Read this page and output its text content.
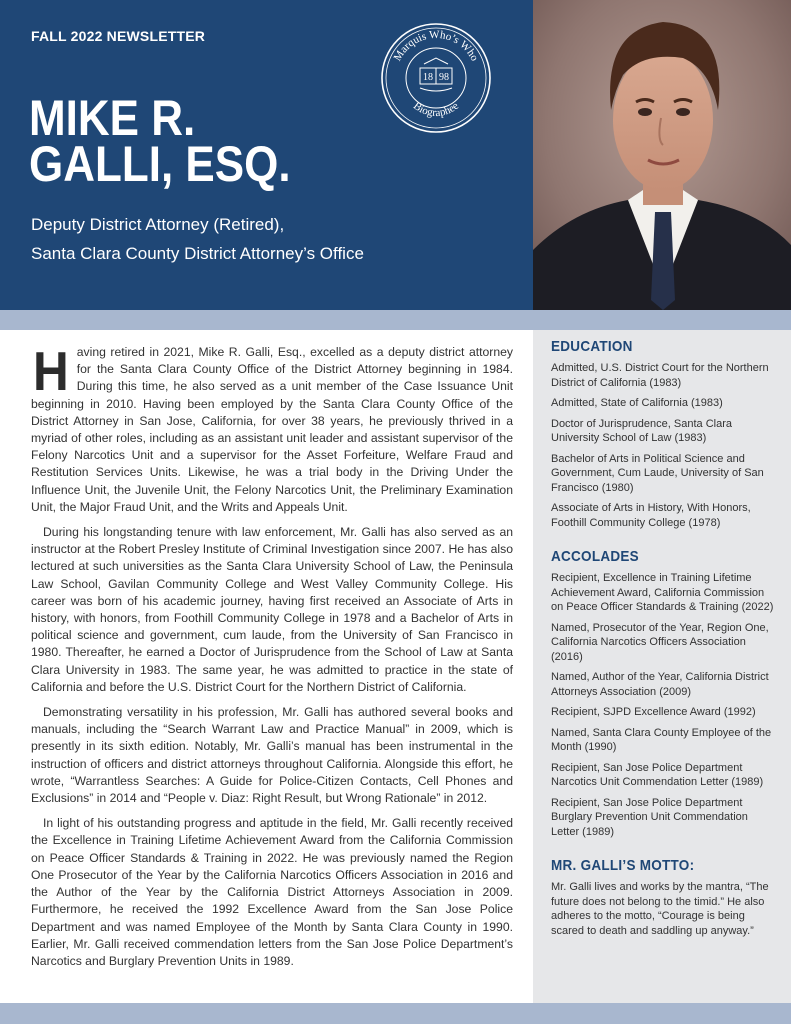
FALL 2022 NEWSLETTER
MIKE R.
GALLI, ESQ.
Deputy District Attorney (Retired),
Santa Clara County District Attorney’s Office
Marquis Who’s Who
Biographee
18 98

Having retired in 2021, Mike R. Galli, Esq., excelled as a deputy district attorney for the Santa Clara County Office of the District Attorney beginning in 1984. During this time, he also served as a unit member of the Case Issuance Unit beginning in 2010. Having been employed by the Santa Clara County Office of the District Attorney in San Jose, California, for over 38 years, he previously thrived in a myriad of other roles, including as an assistant unit leader and assistant supervisor of the Felony Narcotics Unit and a supervisor for the Asset Forfeiture, Welfare Fraud and Restitution Services Units. Likewise, he was a trial body in the Driving Under the Influence Unit, the Juvenile Unit, the Felony Narcotics Unit, the Preliminary Examination Unit, the Major Fraud Unit, and the Writs and Appeals Unit.

During his longstanding tenure with law enforcement, Mr. Galli has also served as an instructor at the Robert Presley Institute of Criminal Investigation since 2007. He has also lectured at such universities as the Santa Clara University School of Law, the Peninsula Law School, Gavilan Community College and West Valley Community College. His career was born of his academic journey, having first received an Associate of Arts in history, with honors, from Foothill Community College in 1978 and a Bachelor of Arts in political science and government, cum laude, from the University of San Francisco in 1980. Thereafter, he earned a Doctor of Jurisprudence from the School of Law at Santa Clara University in 1983. The same year, he was admitted to practice in the state of California and before the U.S. District Court for the Northern District of California.

Demonstrating versatility in his profession, Mr. Galli has authored several books and manuals, including the “Search Warrant Law and Practice Manual” in 2009, which is presently in its sixth edition. Notably, Mr. Galli’s manual has been instrumental in the instruction of officers and district attorneys throughout California. Alongside this effort, he wrote, “Warrantless Searches: A Guide for Police-Citizen Contacts, Cell Phones and Exclusions” in 2014 and “People v. Diaz: Right Result, but Wrong Rationale” in 2012.

In light of his outstanding progress and aptitude in the field, Mr. Galli recently received the Excellence in Training Lifetime Achievement Award from the California Commission on Peace Officer Standards & Training in 2022. He was previously named the Region One Prosecutor of the Year by the California Narcotics Officers Association in 2016 and the Author of the Year by the California District Attorneys Association in 2009. Furthermore, he received the 1992 Excellence Award from the San Jose Police Department and was named Employee of the Month by Santa Clara County in 1990. Earlier, Mr. Galli received commendation letters from the San Jose Police Department’s Narcotics and Burglary Prevention Units in 1989.

EDUCATION
Admitted, U.S. District Court for the Northern District of California (1983)
Admitted, State of California (1983)
Doctor of Jurisprudence, Santa Clara University School of Law (1983)
Bachelor of Arts in Political Science and Government, Cum Laude, University of San Francisco (1980)
Associate of Arts in History, With Honors, Foothill Community College (1978)
ACCOLADES
Recipient, Excellence in Training Lifetime Achievement Award, California Commission on Peace Officer Standards & Training (2022)
Named, Prosecutor of the Year, Region One, California Narcotics Officers Association (2016)
Named, Author of the Year, California District Attorneys Association (2009)
Recipient, SJPD Excellence Award (1992)
Named, Santa Clara County Employee of the Month (1990)
Recipient, San Jose Police Department Narcotics Unit Commendation Letter (1989)
Recipient, San Jose Police Department Burglary Prevention Unit Commendation Letter (1989)
MR. GALLI’S MOTTO:
Mr. Galli lives and works by the mantra, “The future does not belong to the timid.” He also adheres to the motto, “Courage is being scared to death and saddling up anyway.”
